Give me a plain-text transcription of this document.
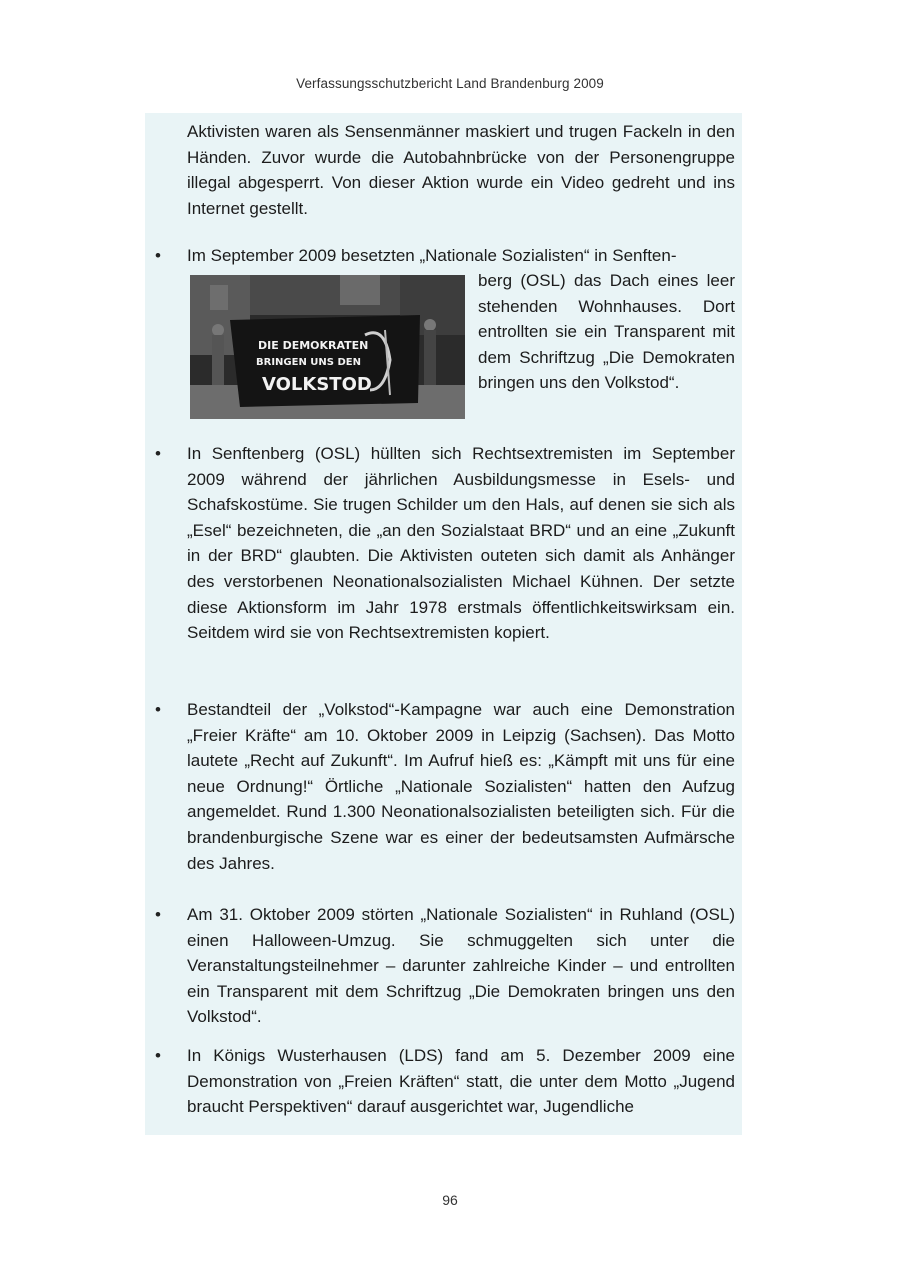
Verfassungsschutzbericht Land Brandenburg 2009
Aktivisten waren als Sensenmänner maskiert und trugen Fackeln in den Händen. Zuvor wurde die Autobahnbrücke von der Personengruppe illegal abgesperrt. Von dieser Aktion wurde ein Video gedreht und ins Internet gestellt.
• Im September 2009 besetzten „Nationale Sozialisten“ in Senften-
DIE DEMOKRATEN
BRINGEN UNS DEN
VOLKSTOD
berg (OSL) das Dach eines leer stehenden Wohnhauses. Dort entrollten sie ein Transparent mit dem Schriftzug „Die Demokraten bringen uns den Volkstod“.
• In Senftenberg (OSL) hüllten sich Rechtsextremisten im September 2009 während der jährlichen Ausbildungsmesse in Esels- und Schafskostüme. Sie trugen Schilder um den Hals, auf denen sie sich als „Esel“ bezeichneten, die „an den Sozialstaat BRD“ und an eine „Zukunft in der BRD“ glaubten. Die Aktivisten outeten sich damit als Anhänger des verstorbenen Neonationalsozialisten Michael Kühnen. Der setzte diese Aktionsform im Jahr 1978 erstmals öffentlichkeitswirksam ein. Seitdem wird sie von Rechtsextremisten kopiert.
• Bestandteil der „Volkstod“-Kampagne war auch eine Demonstration „Freier Kräfte“ am 10. Oktober 2009 in Leipzig (Sachsen). Das Motto lautete „Recht auf Zukunft“. Im Aufruf hieß es: „Kämpft mit uns für eine neue Ordnung!“ Örtliche „Nationale Sozialisten“ hatten den Aufzug angemeldet. Rund 1.300 Neonationalsozialisten beteiligten sich. Für die brandenburgische Szene war es einer der bedeutsamsten Aufmärsche des Jahres.
• Am 31. Oktober 2009 störten „Nationale Sozialisten“ in Ruhland (OSL) einen Halloween-Umzug. Sie schmuggelten sich unter die Veranstaltungsteilnehmer – darunter zahlreiche Kinder – und entrollten ein Transparent mit dem Schriftzug „Die Demokraten bringen uns den Volkstod“.
• In Königs Wusterhausen (LDS) fand am 5. Dezember 2009 eine Demonstration von „Freien Kräften“ statt, die unter dem Motto „Jugend braucht Perspektiven“ darauf ausgerichtet war, Jugendliche
96
